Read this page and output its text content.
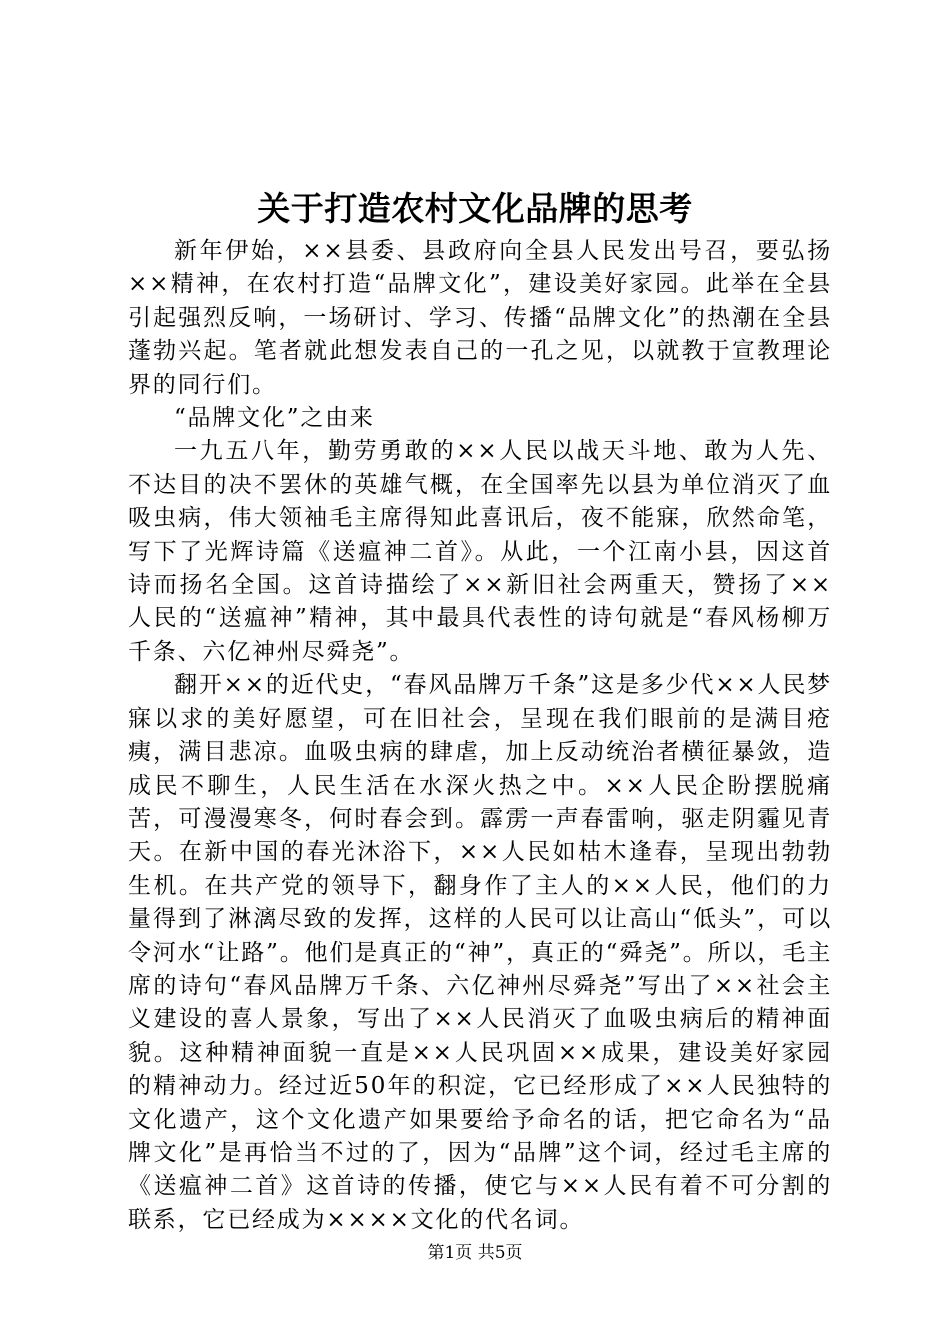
关于打造农村文化品牌的思考

新年伊始，××县委、县政府向全县人民发出号召，要弘扬××精神，在农村打造“品牌文化”，建设美好家园。此举在全县引起强烈反响，一场研讨、学习、传播“品牌文化”的热潮在全县蓬勃兴起。笔者就此想发表自己的一孔之见，以就教于宣教理论界的同行们。

“品牌文化”之由来

一九五八年，勤劳勇敢的××人民以战天斗地、敢为人先、不达目的决不罢休的英雄气概，在全国率先以县为单位消灭了血吸虫病，伟大领袖毛主席得知此喜讯后，夜不能寐，欣然命笔，写下了光辉诗篇《送瘟神二首》。从此，一个江南小县，因这首诗而扬名全国。这首诗描绘了××新旧社会两重天，赞扬了××人民的“送瘟神”精神，其中最具代表性的诗句就是“春风杨柳万千条、六亿神州尽舜尧”。

翻开××的近代史，“春风品牌万千条”这是多少代××人民梦寐以求的美好愿望，可在旧社会，呈现在我们眼前的是满目疮痍，满目悲凉。血吸虫病的肆虐，加上反动统治者横征暴敛，造成民不聊生，人民生活在水深火热之中。××人民企盼摆脱痛苦，可漫漫寒冬，何时春会到。霹雳一声春雷响，驱走阴霾见青天。在新中国的春光沐浴下，××人民如枯木逢春，呈现出勃勃生机。在共产党的领导下，翻身作了主人的××人民，他们的力量得到了淋漓尽致的发挥，这样的人民可以让高山“低头”，可以令河水“让路”。他们是真正的“神”，真正的“舜尧”。所以，毛主席的诗句“春风品牌万千条、六亿神州尽舜尧”写出了××社会主义建设的喜人景象，写出了××人民消灭了血吸虫病后的精神面貌。这种精神面貌一直是××人民巩固××成果，建设美好家园的精神动力。经过近50年的积淀，它已经形成了××人民独特的文化遗产，这个文化遗产如果要给予命名的话，把它命名为“品牌文化”是再恰当不过的了，因为“品牌”这个词，经过毛主席的《送瘟神二首》这首诗的传播，使它与××人民有着不可分割的联系，它已经成为××××文化的代名词。

第1页 共5页
